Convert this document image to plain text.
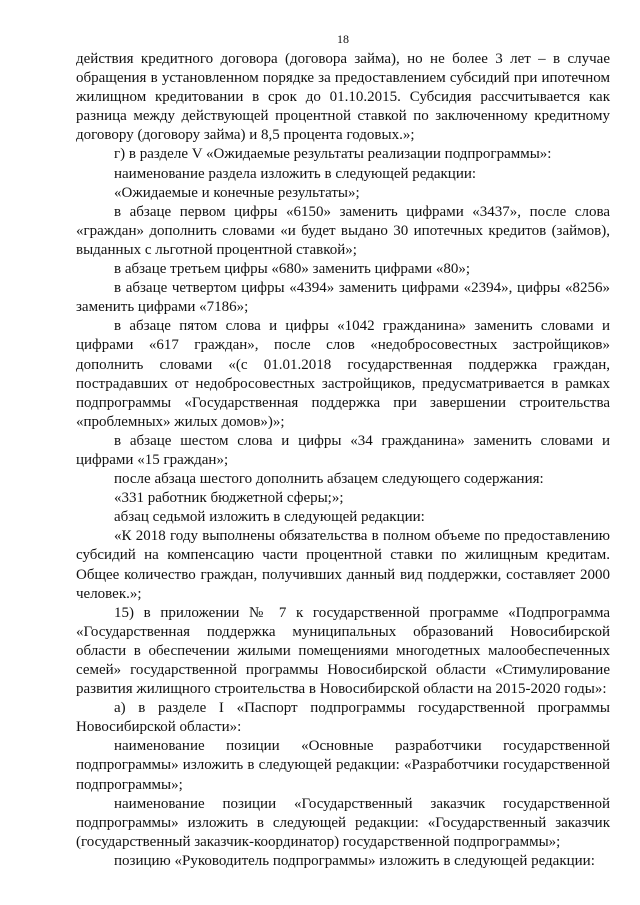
18

действия кредитного договора (договора займа), но не более 3 лет – в случае обращения в установленном порядке за предоставлением субсидий при ипотечном жилищном кредитовании в срок до 01.10.2015. Субсидия рассчитывается как разница между действующей процентной ставкой по заключенному кредитному договору (договору займа) и 8,5 процента годовых.»;

г) в разделе V «Ожидаемые результаты реализации подпрограммы»:

наименование раздела изложить в следующей редакции:

«Ожидаемые и конечные результаты»;

в абзаце первом цифры «6150» заменить цифрами «3437», после слова «граждан» дополнить словами «и будет выдано 30 ипотечных кредитов (займов), выданных с льготной процентной ставкой»;

в абзаце третьем цифры «680» заменить цифрами «80»;

в абзаце четвертом цифры «4394» заменить цифрами «2394», цифры «8256» заменить цифрами «7186»;

в абзаце пятом слова и цифры «1042 гражданина» заменить словами и цифрами «617 граждан», после слов «недобросовестных застройщиков» дополнить словами «(с 01.01.2018 государственная поддержка граждан, пострадавших от недобросовестных застройщиков, предусматривается в рамках подпрограммы «Государственная поддержка при завершении строительства «проблемных» жилых домов»)»;

в абзаце шестом слова и цифры «34 гражданина» заменить словами и цифрами «15 граждан»;

после абзаца шестого дополнить абзацем следующего содержания:

«331 работник бюджетной сферы;»;

абзац седьмой изложить в следующей редакции:

«К 2018 году выполнены обязательства в полном объеме по предоставлению субсидий на компенсацию части процентной ставки по жилищным кредитам. Общее количество граждан, получивших данный вид поддержки, составляет 2000 человек.»;

15) в приложении № 7 к государственной программе «Подпрограмма «Государственная поддержка муниципальных образований Новосибирской области в обеспечении жилыми помещениями многодетных малообеспеченных семей» государственной программы Новосибирской области «Стимулирование развития жилищного строительства в Новосибирской области на 2015-2020 годы»:

а) в разделе I «Паспорт подпрограммы государственной программы Новосибирской области»:

наименование позиции «Основные разработчики государственной подпрограммы» изложить в следующей редакции: «Разработчики государственной подпрограммы»;

наименование позиции «Государственный заказчик государственной подпрограммы» изложить в следующей редакции: «Государственный заказчик (государственный заказчик-координатор) государственной подпрограммы»;

позицию «Руководитель подпрограммы» изложить в следующей редакции:
